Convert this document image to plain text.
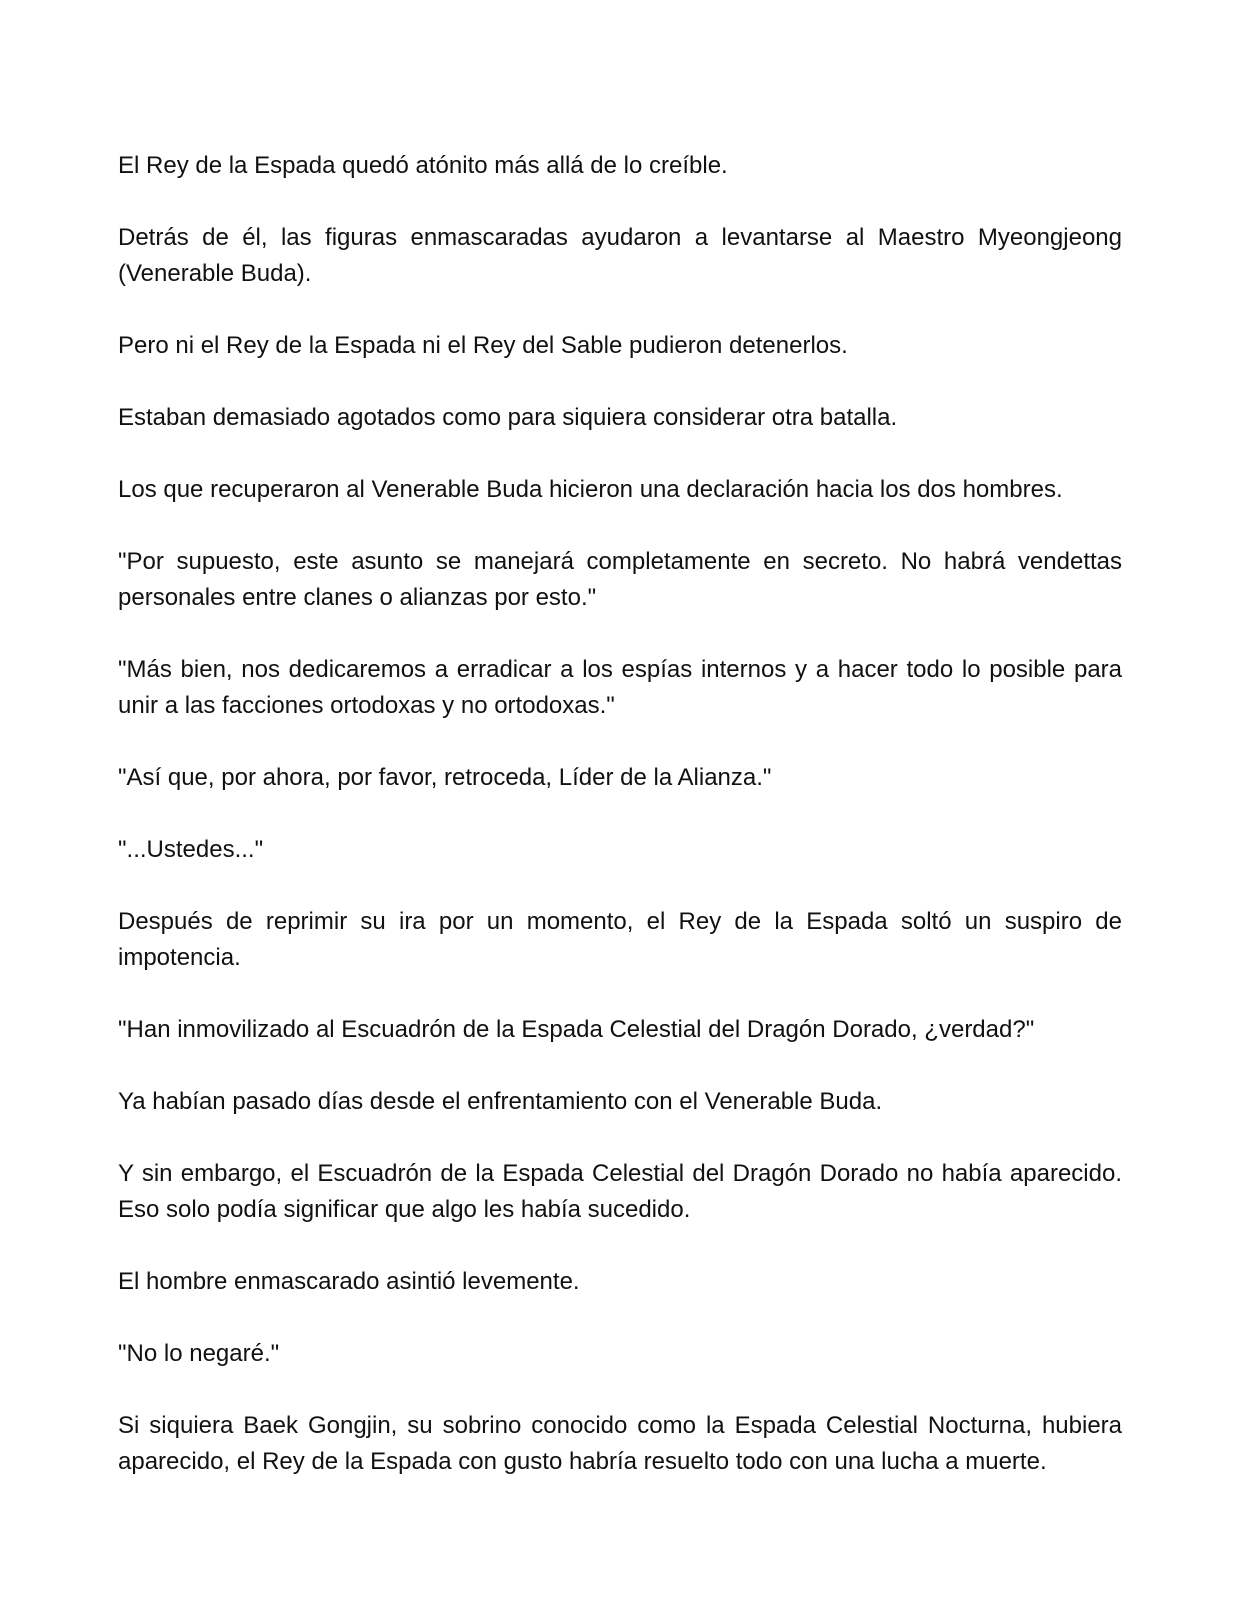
El Rey de la Espada quedó atónito más allá de lo creíble.

Detrás de él, las figuras enmascaradas ayudaron a levantarse al Maestro Myeongjeong (Venerable Buda).

Pero ni el Rey de la Espada ni el Rey del Sable pudieron detenerlos.

Estaban demasiado agotados como para siquiera considerar otra batalla.

Los que recuperaron al Venerable Buda hicieron una declaración hacia los dos hombres.

"Por supuesto, este asunto se manejará completamente en secreto. No habrá vendettas personales entre clanes o alianzas por esto."

"Más bien, nos dedicaremos a erradicar a los espías internos y a hacer todo lo posible para unir a las facciones ortodoxas y no ortodoxas."

"Así que, por ahora, por favor, retroceda, Líder de la Alianza."

"...Ustedes..."

Después de reprimir su ira por un momento, el Rey de la Espada soltó un suspiro de impotencia.

"Han inmovilizado al Escuadrón de la Espada Celestial del Dragón Dorado, ¿verdad?"

Ya habían pasado días desde el enfrentamiento con el Venerable Buda.

Y sin embargo, el Escuadrón de la Espada Celestial del Dragón Dorado no había aparecido. Eso solo podía significar que algo les había sucedido.

El hombre enmascarado asintió levemente.

"No lo negaré."

Si siquiera Baek Gongjin, su sobrino conocido como la Espada Celestial Nocturna, hubiera aparecido, el Rey de la Espada con gusto habría resuelto todo con una lucha a muerte.
